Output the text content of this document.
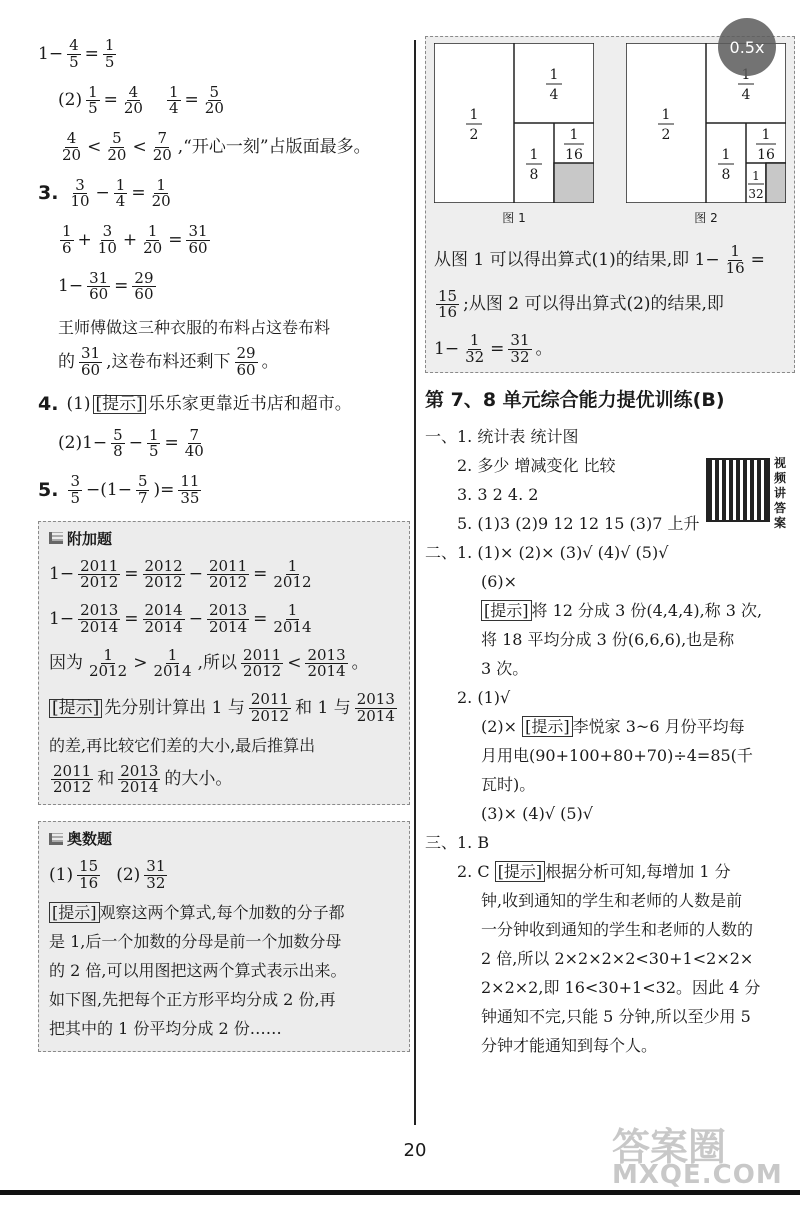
$1- \frac{4}{5} = \frac{1}{5}$
$(2) \frac{1}{5} = \frac{4}{20} \frac{1}{4} = \frac{5}{20}$
$\frac{4}{20} < \frac{5}{20} < \frac{7}{20}$ ,“开心一刻”占版面最多。
3. $\frac{3}{10} - \frac{1}{4} = \frac{1}{20}$
$\frac{1}{6} + \frac{3}{10} + \frac{1}{20} = \frac{31}{60}$
$1- \frac{31}{60} = \frac{29}{60}$
王师傅做这三种衣服的布料占这卷布料
的 $\frac{31}{60}$ ,这卷布料还剩下 $\frac{29}{60}$ 。
4. (1) [提示] 乐乐家更靠近书店和超市。
$(2)1- \frac{5}{8} - \frac{1}{5} = \frac{7}{40}$
5. $\frac{3}{5} -(1- \frac{5}{7}$ )= $\frac{11}{35}$
附加题
$1- \frac{2011}{2012} = \frac{2012}{2012} - \frac{2011}{2012} = \frac{1}{2012}$
$1- \frac{2013}{2014} = \frac{2014}{2014} - \frac{2013}{2014} = \frac{1}{2014}$
因为 $\frac{1}{2012} > \frac{1}{2014}$ ,所以 $\frac{2011}{2012} < \frac{2013}{2014}$ 。
[提示] 先分别计算出 1 与 $\frac{2011}{2012}$ 和 1 与 $\frac{2013}{2014}$
的差,再比较它们差的大小,最后推算出
$\frac{2011}{2012}$ 和 $\frac{2013}{2014}$ 的大小。
奥数题
$(1) \frac{15}{16} (2) \frac{31}{32}$
[提示] 观察这两个算式,每个加数的分子都
是 1,后一个加数的分母是前一个加数分母
的 2 倍,可以用图把这两个算式表示出来。
如下图,先把每个正方形平均分成 2 份,再
把其中的 1 份平均分成 2 份……
1
2
1
4
1
8
1
16
图 1
1
2
4
1
8
1
16
1
32
图 2
从图 1 可以得出算式(1)的结果,即 $1- \frac{1}{16}$ =
$\frac{15}{16}$ ;从图 2 可以得出算式(2)的结果,即
$1- \frac{1}{32} = \frac{31}{32}$ 。
第 7、8 单元综合能力提优训练(B)
一、1. 统计表 统计图
2. 多少 增减变化 比较
3. 3 2 4. 2
5. (1)3 (2)9 12 12 15 (3)7 上升
二、1. (1)× (2)× (3)√ (4)√ (5)√
(6)×
[提示] 将 12 分成 3 份(4,4,4),称 3 次,
将 18 平均分成 3 份(6,6,6),也是称
3 次。
2. (1)√
(2)× [提示] 李悦家 3~6 月份平均每
月用电(90+100+80+70)÷4=85(千
瓦时)。
(3)× (4)√ (5)√
三、1. B
2. C [提示] 根据分析可知,每增加 1 分
钟,收到通知的学生和老师的人数是前
一分钟收到通知的学生和老师的人数的
2 倍,所以 2×2×2×2<30+1<2×2×
2×2×2,即 16<30+1<32。因此 4 分
钟通知不完,只能 5 分钟,所以至少用 5
分钟才能通知到每个人。
视频讲答案
0.5x
20	答案圈
MXQE.COM
